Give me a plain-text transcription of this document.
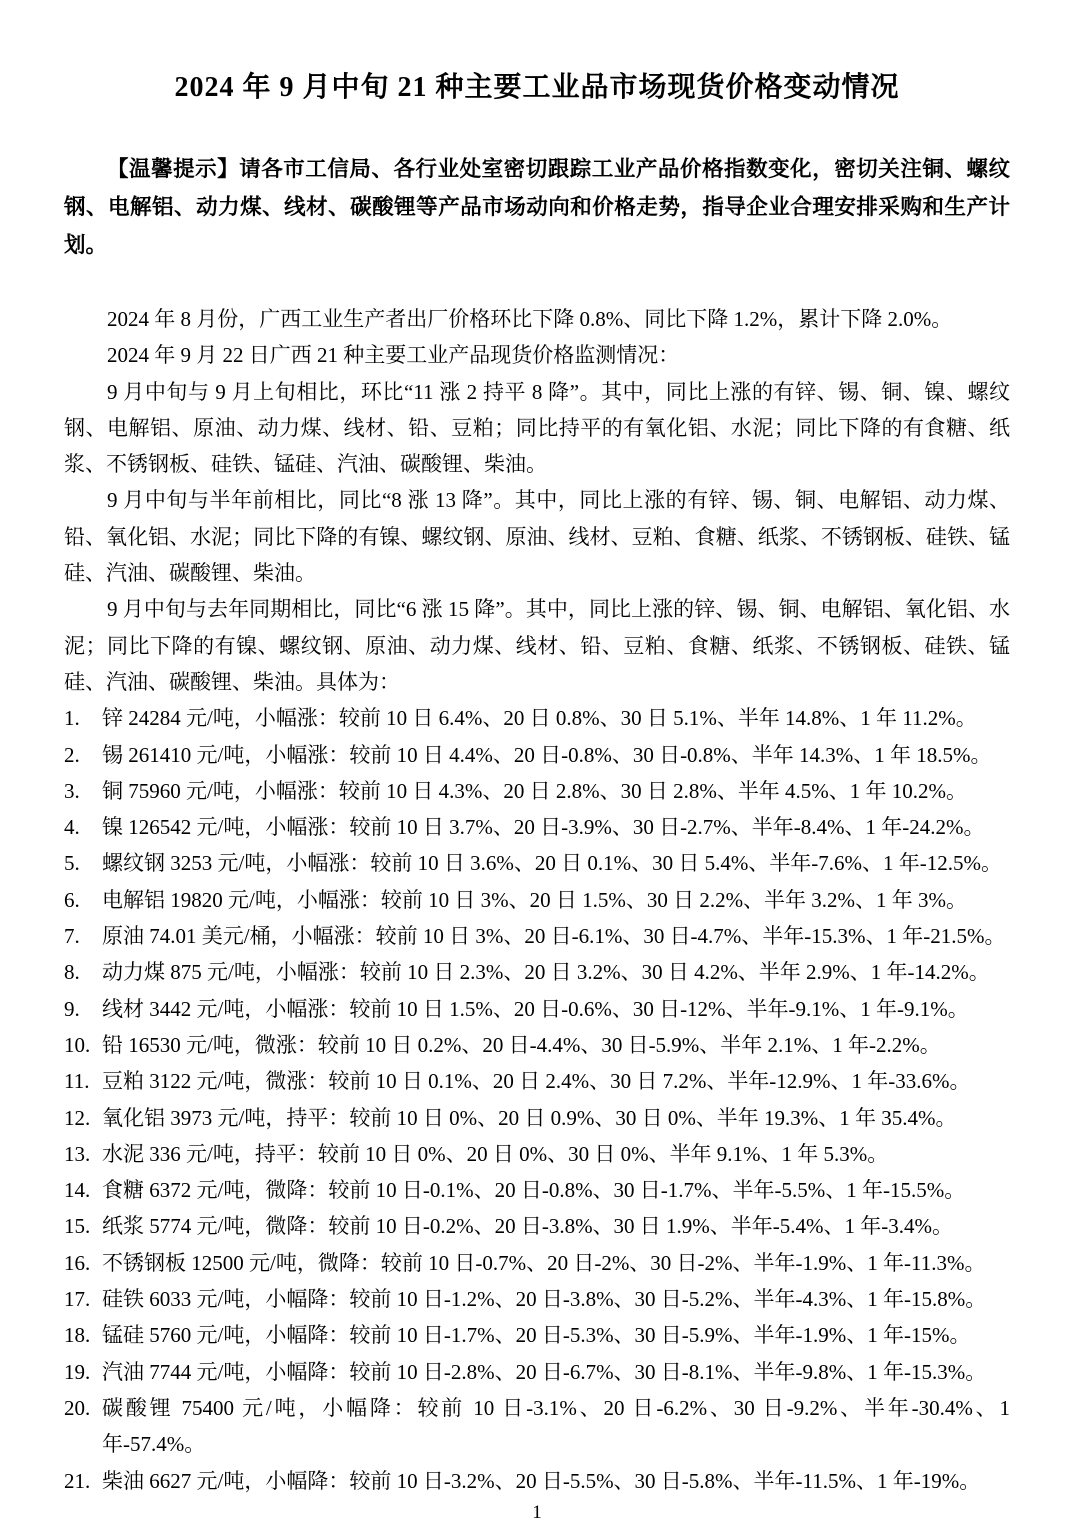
2024 年 9 月中旬 21 种主要工业品市场现货价格变动情况

【温馨提示】请各市工信局、各行业处室密切跟踪工业产品价格指数变化，密切关注铜、螺纹钢、电解铝、动力煤、线材、碳酸锂等产品市场动向和价格走势，指导企业合理安排采购和生产计划。

2024 年 8 月份，广西工业生产者出厂价格环比下降 0.8%、同比下降 1.2%，累计下降 2.0%。

2024 年 9 月 22 日广西 21 种主要工业产品现货价格监测情况：

9 月中旬与 9 月上旬相比，环比“11 涨 2 持平 8 降”。其中，同比上涨的有锌、锡、铜、镍、螺纹钢、电解铝、原油、动力煤、线材、铅、豆粕；同比持平的有氧化铝、水泥；同比下降的有食糖、纸浆、不锈钢板、硅铁、锰硅、汽油、碳酸锂、柴油。

9 月中旬与半年前相比，同比“8 涨 13 降”。其中，同比上涨的有锌、锡、铜、电解铝、动力煤、铅、氧化铝、水泥；同比下降的有镍、螺纹钢、原油、线材、豆粕、食糖、纸浆、不锈钢板、硅铁、锰硅、汽油、碳酸锂、柴油。

9 月中旬与去年同期相比，同比“6 涨 15 降”。其中，同比上涨的锌、锡、铜、电解铝、氧化铝、水泥；同比下降的有镍、螺纹钢、原油、动力煤、线材、铅、豆粕、食糖、纸浆、不锈钢板、硅铁、锰硅、汽油、碳酸锂、柴油。具体为：

1. 锌 24284 元/吨，小幅涨：较前 10 日 6.4%、20 日 0.8%、30 日 5.1%、半年 14.8%、1 年 11.2%。
2. 锡 261410 元/吨，小幅涨：较前 10 日 4.4%、20 日-0.8%、30 日-0.8%、半年 14.3%、1 年 18.5%。
3. 铜 75960 元/吨，小幅涨：较前 10 日 4.3%、20 日 2.8%、30 日 2.8%、半年 4.5%、1 年 10.2%。
4. 镍 126542 元/吨，小幅涨：较前 10 日 3.7%、20 日-3.9%、30 日-2.7%、半年-8.4%、1 年-24.2%。
5. 螺纹钢 3253 元/吨，小幅涨：较前 10 日 3.6%、20 日 0.1%、30 日 5.4%、半年-7.6%、1 年-12.5%。
6. 电解铝 19820 元/吨，小幅涨：较前 10 日 3%、20 日 1.5%、30 日 2.2%、半年 3.2%、1 年 3%。
7. 原油 74.01 美元/桶，小幅涨：较前 10 日 3%、20 日-6.1%、30 日-4.7%、半年-15.3%、1 年-21.5%。
8. 动力煤 875 元/吨，小幅涨：较前 10 日 2.3%、20 日 3.2%、30 日 4.2%、半年 2.9%、1 年-14.2%。
9. 线材 3442 元/吨，小幅涨：较前 10 日 1.5%、20 日-0.6%、30 日-12%、半年-9.1%、1 年-9.1%。
10. 铅 16530 元/吨，微涨：较前 10 日 0.2%、20 日-4.4%、30 日-5.9%、半年 2.1%、1 年-2.2%。
11. 豆粕 3122 元/吨，微涨：较前 10 日 0.1%、20 日 2.4%、30 日 7.2%、半年-12.9%、1 年-33.6%。
12. 氧化铝 3973 元/吨，持平：较前 10 日 0%、20 日 0.9%、30 日 0%、半年 19.3%、1 年 35.4%。
13. 水泥 336 元/吨，持平：较前 10 日 0%、20 日 0%、30 日 0%、半年 9.1%、1 年 5.3%。
14. 食糖 6372 元/吨，微降：较前 10 日-0.1%、20 日-0.8%、30 日-1.7%、半年-5.5%、1 年-15.5%。
15. 纸浆 5774 元/吨，微降：较前 10 日-0.2%、20 日-3.8%、30 日 1.9%、半年-5.4%、1 年-3.4%。
16. 不锈钢板 12500 元/吨，微降：较前 10 日-0.7%、20 日-2%、30 日-2%、半年-1.9%、1 年-11.3%。
17. 硅铁 6033 元/吨，小幅降：较前 10 日-1.2%、20 日-3.8%、30 日-5.2%、半年-4.3%、1 年-15.8%。
18. 锰硅 5760 元/吨，小幅降：较前 10 日-1.7%、20 日-5.3%、30 日-5.9%、半年-1.9%、1 年-15%。
19. 汽油 7744 元/吨，小幅降：较前 10 日-2.8%、20 日-6.7%、30 日-8.1%、半年-9.8%、1 年-15.3%。
20. 碳酸锂 75400 元/吨，小幅降：较前 10 日-3.1%、20 日-6.2%、30 日-9.2%、半年-30.4%、1 年-57.4%。
21. 柴油 6627 元/吨，小幅降：较前 10 日-3.2%、20 日-5.5%、30 日-5.8%、半年-11.5%、1 年-19%。
1
